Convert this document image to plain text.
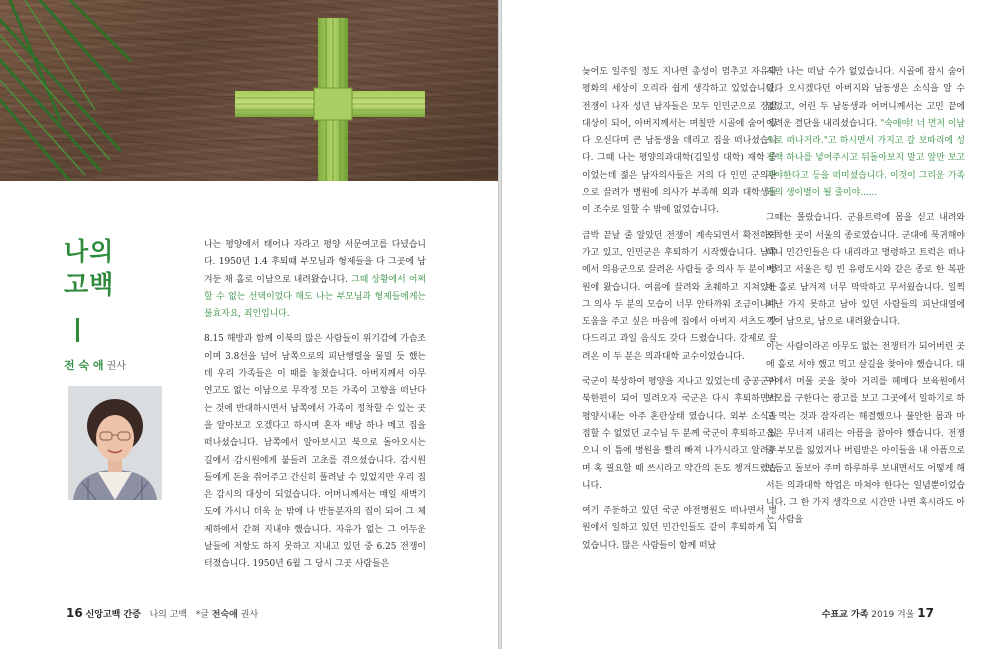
나의
고백
전 숙 애 권사

나는 평양에서 태어나 자라고 평양 서문여고를 다녔습니다. 1950년 1.4 후퇴때 부모님과 형제들을 다 그곳에 남겨둔 채 홀로 이남으로 내려왔습니다. 그때 상황에서 어쩌할 수 없는 선택이었다 해도 나는 부모님과 형제들에게는 불효자요, 죄인입니다.

8.15 해방과 함께 이북의 많은 사람들이 위기감에 가슴조이며 3.8선을 넘어 남쪽으로의 피난행렬을 물밀 듯 했는데 우리 가족들은 이 때를 놓쳤습니다. 아버지께서 아무 연고도 없는 이남으로 무작정 모든 가족이 고향을 떠난다는 것에 반대하시면서 남쪽에서 가족이 정착할 수 있는 곳을 알아보고 오겠다고 하시며 혼자 배낭 하나 메고 집을 떠나셨습니다. 남쪽에서 알아보시고 북으로 돌아오시는 길에서 감시원에게 붙들려 고초를 겪으셨습니다. 감시원들에게 돈을 쥐어주고 간신히 풀려날 수 있었지만 우리 집은 감시의 대상이 되었습니다. 어머니께서는 매일 새벽기도에 가시니 더욱 눈 밖에 나 반동분자의 집이 되어 그 체제하에서 갇혀 지내야 했습니다. 자유가 없는 그 어두운 날들에 저항도 하지 못하고 지내고 있던 중 6.25 전쟁이 터졌습니다. 1950년 6월 그 당시 그곳 사람들은

16 신앙고백 간증 나의 고백 *글 전숙애 권사

늦어도 일주일 정도 지나면 총성이 멈추고 자유와 평화의 세상이 오리라 쉽게 생각하고 있었습니다. 전쟁이 나자 성년 남자들은 모두 인민군으로 징집대상이 되어, 아버지께서는 며칠만 시골에 숨어 있다 오신다며 큰 남동생을 데리고 집을 떠나셨습니다. 그때 나는 평양의과대학(김일성 대학) 재학 중이었는데 젊은 남자의사들은 거의 다 인민 군의관으로 끌려가 병원에 의사가 부족해 외과 대학생들이 조수로 일할 수 밖에 없었습니다.

급박 끝날 줄 알았던 전쟁이 계속되면서 확전하여 가고 있고, 인민군은 후퇴하기 시작했습니다. 남쪽에서 의용군으로 끌려온 사람들 중 의사 두 분이 병원에 왔습니다. 여름에 끌려와 초췌하고 지쳐있는 그 의사 두 분의 모습이 너무 안타까워 조금이나마 도움을 주고 싶은 마음에 집에서 아버지 셔츠도 갖다드리고 과일 음식도 갖다 드렸습니다. 강제로 끌려온 이 두 분은 의과대학 교수이었습니다.

국군이 북상하여 평양을 지나고 있었는데 중공군이 북한편이 되어 밀려오자 국군은 다시 후퇴하면서 평양시내는 아주 혼란상태 였습니다. 외부 소식을 접할 수 없었던 교수님 두 분께 국군이 후퇴하고 있으니 이 틈에 병원을 빨리 빠져 나가시라고 알려주며 혹 필요할 때 쓰시라고 약간의 돈도 챙겨드렸습니다.

여기 주둔하고 있던 국군 야전병원도 떠나면서 병원에서 일하고 있던 민간인들도 같이 후퇴하게 되었습니다. 많은 사람들이 함께 떠났

지만 나는 떠날 수가 없었습니다. 시골에 잠시 숨어있다 오시겠다던 아버지와 남동생은 소식을 알 수 없었고, 어린 두 남동생과 어머니께서는 고민 끝에 어려운 결단을 내리셨습니다. "숙애야! 너 먼저 이남으로 떠나거라."고 하시면서 가지고 갈 보따리에 성경책 하나를 넣어주시고 뒤돌아보지 말고 앞만 보고 가야한다고 등을 떠미셨습니다. 이것이 그리운 가족과의 생이별이 될 줄이야......

그때는 몰랐습니다. 군용트럭에 몸을 싣고 내려와 도착한 곳이 서울의 종로였습니다. 군대에 묵귀해야 하니 민간인들은 다 내리라고 명령하고 트럭은 떠나 버리고 서울은 텅 빈 유령도시와 같은 종로 한 복판에 홀로 남겨져 너무 막막하고 무서웠습니다. 일찍 피난 가지 못하고 남아 있던 사람들의 피난대열에 끼어 남으로, 남으로 내려왔습니다.

이는 사람이라곤 아무도 없는 전쟁터가 되어버린 곳에 홀로 서야 했고 먹고 살길을 찾아야 했습니다. 대구에서 머물 곳을 찾아 거리를 헤매다 보육원에서 보모를 구한다는 광고를 보고 그곳에서 일하기로 하고 먹는 것과 잠자리는 해결했으나 불안한 몸과 마음은 무너져 내리는 아픔을 참아야 했습니다. 전쟁 중 부모를 잃었거나 버림받은 아이들을 내 아픔으로 보듬고 돌보아 주며 하루하루 보내면서도 어떻게 해서든 의과대학 학업은 마쳐야 한다는 일념뿐이었습니다. 그 한 가지 생각으로 시간만 나면 혹시라도 아는 사람을

수표교 가족 2019 겨울 17
